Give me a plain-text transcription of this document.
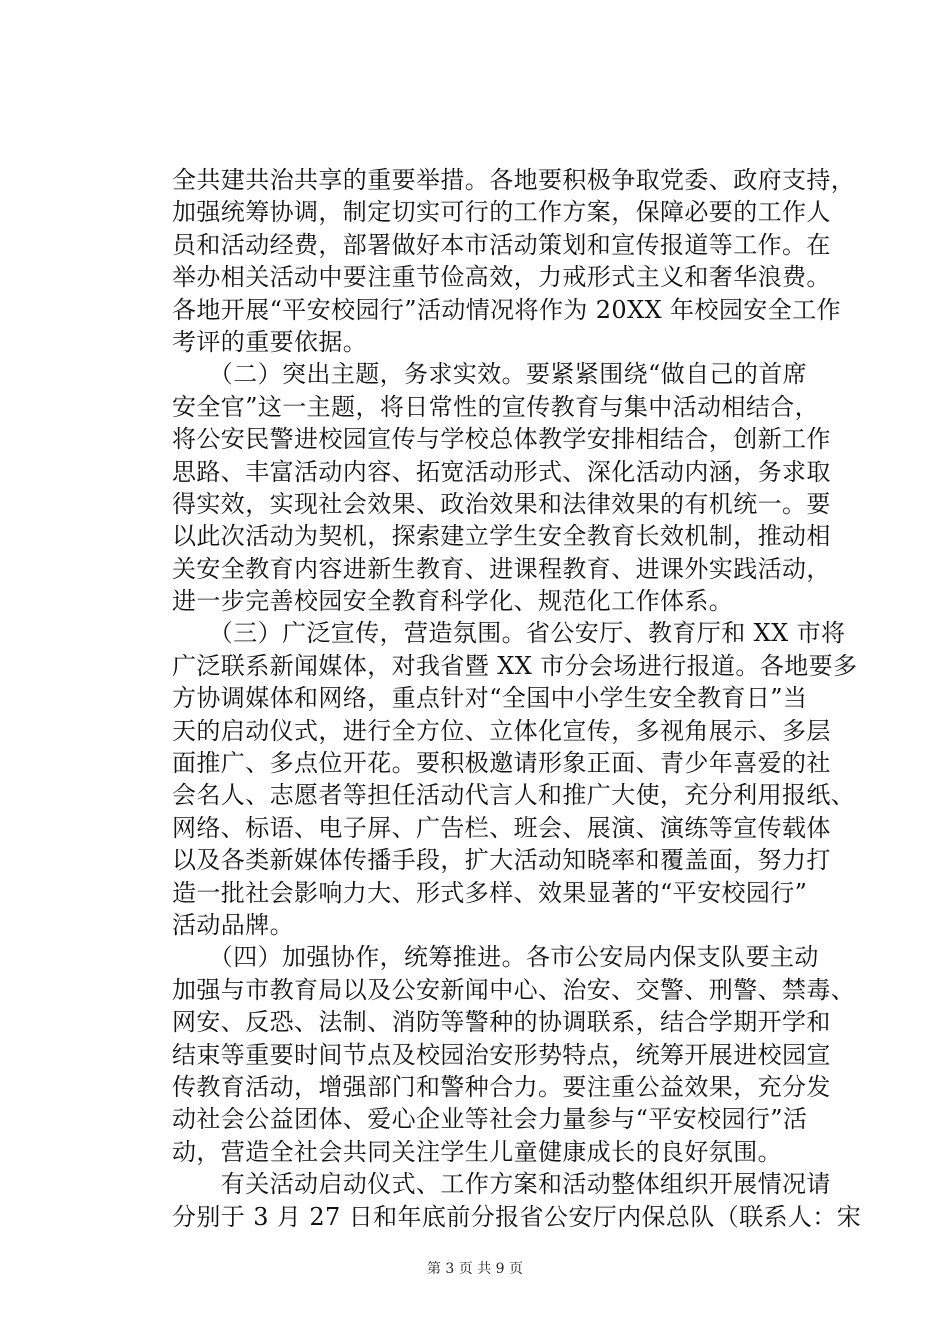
全共建共治共享的重要举措。各地要积极争取党委、政府支持，
加强统筹协调，制定切实可行的工作方案，保障必要的工作人
员和活动经费，部署做好本市活动策划和宣传报道等工作。在
举办相关活动中要注重节俭高效，力戒形式主义和奢华浪费。
各地开展“平安校园行”活动情况将作为 20XX 年校园安全工作
考评的重要依据。
　　（二）突出主题，务求实效。要紧紧围绕“做自己的首席
安全官”这一主题，将日常性的宣传教育与集中活动相结合，
将公安民警进校园宣传与学校总体教学安排相结合，创新工作
思路、丰富活动内容、拓宽活动形式、深化活动内涵，务求取
得实效，实现社会效果、政治效果和法律效果的有机统一。要
以此次活动为契机，探索建立学生安全教育长效机制，推动相
关安全教育内容进新生教育、进课程教育、进课外实践活动，
进一步完善校园安全教育科学化、规范化工作体系。
　　（三）广泛宣传，营造氛围。省公安厅、教育厅和 XX 市将
广泛联系新闻媒体，对我省暨 XX 市分会场进行报道。各地要多
方协调媒体和网络，重点针对“全国中小学生安全教育日”当
天的启动仪式，进行全方位、立体化宣传，多视角展示、多层
面推广、多点位开花。要积极邀请形象正面、青少年喜爱的社
会名人、志愿者等担任活动代言人和推广大使，充分利用报纸、
网络、标语、电子屏、广告栏、班会、展演、演练等宣传载体
以及各类新媒体传播手段，扩大活动知晓率和覆盖面，努力打
造一批社会影响力大、形式多样、效果显著的“平安校园行”
活动品牌。
　　（四）加强协作，统筹推进。各市公安局内保支队要主动
加强与市教育局以及公安新闻中心、治安、交警、刑警、禁毒、
网安、反恐、法制、消防等警种的协调联系，结合学期开学和
结束等重要时间节点及校园治安形势特点，统筹开展进校园宣
传教育活动，增强部门和警种合力。要注重公益效果，充分发
动社会公益团体、爱心企业等社会力量参与“平安校园行”活
动，营造全社会共同关注学生儿童健康成长的良好氛围。
　　有关活动启动仪式、工作方案和活动整体组织开展情况请
分别于 3 月 27 日和年底前分报省公安厅内保总队（联系人：宋
第 3 页 共 9 页
